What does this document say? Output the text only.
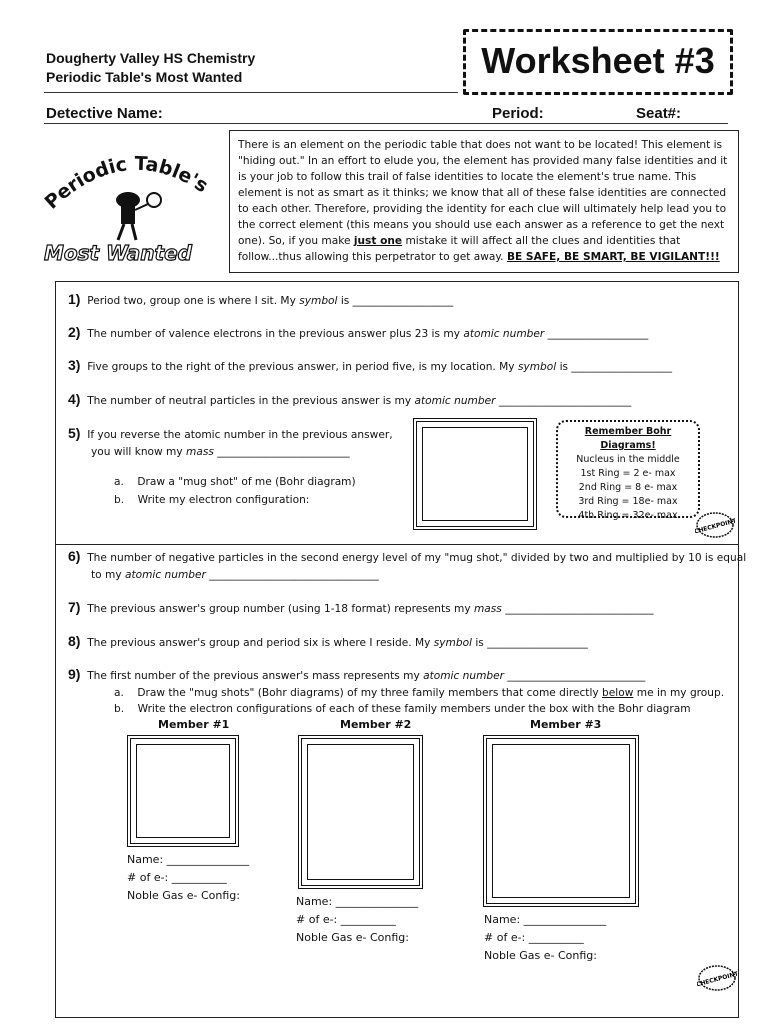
Dougherty Valley HS Chemistry
Periodic Table's Most Wanted	Worksheet #3
Detective Name:	Period:	Seat#:
Periodic Table's
Most Wanted
There is an element on the periodic table that does not want to be located! This element is "hiding out." In an effort to elude you, the element has provided many false identities and it is your job to follow this trail of false identities to locate the element's true name. This element is not as smart as it thinks; we know that all of these false identities are connected to each other. Therefore, providing the identity for each clue will ultimately help lead you to the correct element (this means you should use each answer as a reference to get the next one). So, if you make just one mistake it will affect all the clues and identities that follow...thus allowing this perpetrator to get away. BE SAFE, BE SMART, BE VIGILANT!!!
1) Period two, group one is where I sit. My symbol is ___________________
2) The number of valence electrons in the previous answer plus 23 is my atomic number ___________________
3) Five groups to the right of the previous answer, in period five, is my location. My symbol is ___________________
4) The number of neutral particles in the previous answer is my atomic number _________________________
5) If you reverse the atomic number in the previous answer,
you will know my mass _________________________
a. Draw a "mug shot" of me (Bohr diagram)
b. Write my electron configuration:
Remember Bohr Diagrams!
Nucleus in the middle
1st Ring = 2 e- max
2nd Ring = 8 e- max
3rd Ring = 18e- max
4th Ring = 32e- max
CHECKPOINT
CHECKPOINT
6) The number of negative particles in the second energy level of my "mug shot," divided by two and multiplied by 10 is equal
to my atomic number ________________________________
7) The previous answer's group number (using 1-18 format) represents my mass ____________________________
8) The previous answer's group and period six is where I reside. My symbol is ___________________
9) The first number of the previous answer's mass represents my atomic number __________________________
a. Draw the "mug shots" (Bohr diagrams) of my three family members that come directly below me in my group.
b. Write the electron configurations of each of these family members under the box with the Bohr diagram
Member #1	Member #2	Member #3
Name: _______________
# of e-: __________
Noble Gas e- Config:	Name: _______________
# of e-: __________
Noble Gas e- Config:
Name: _______________
# of e-: __________
Noble Gas e- Config:
